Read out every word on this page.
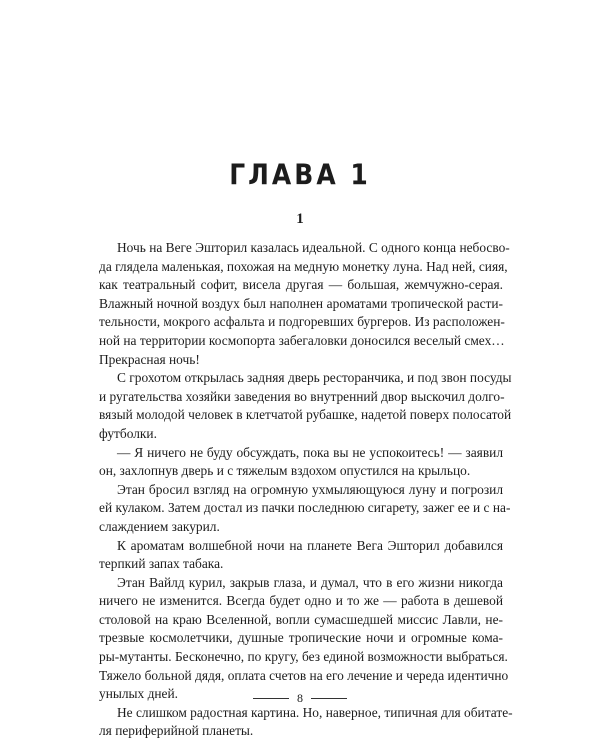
ГЛАВА 1
1
Ночь на Веге Эшторил казалась идеальной. С одного конца небосво-
да глядела маленькая, похожая на медную монетку луна. Над ней, сияя,
как театральный софит, висела другая — большая, жемчужно-серая.
Влажный ночной воздух был наполнен ароматами тропической расти-
тельности, мокрого асфальта и подгоревших бургеров. Из расположен-
ной на территории космопорта забегаловки доносился веселый смех…
Прекрасная ночь!
С грохотом открылась задняя дверь ресторанчика, и под звон посуды
и ругательства хозяйки заведения во внутренний двор выскочил долго-
вязый молодой человек в клетчатой рубашке, надетой поверх полосатой
футболки.
— Я ничего не буду обсуждать, пока вы не успокоитесь! — заявил
он, захлопнув дверь и с тяжелым вздохом опустился на крыльцо.
Этан бросил взгляд на огромную ухмыляющуюся луну и погрозил
ей кулаком. Затем достал из пачки последнюю сигарету, зажег ее и с на-
слаждением закурил.
К ароматам волшебной ночи на планете Вега Эшторил добавился
терпкий запах табака.
Этан Вайлд курил, закрыв глаза, и думал, что в его жизни никогда
ничего не изменится. Всегда будет одно и то же — работа в дешевой
столовой на краю Вселенной, вопли сумасшедшей миссис Лавли, не-
трезвые космолетчики, душные тропические ночи и огромные кома-
ры-мутанты. Бесконечно, по кругу, без единой возможности выбраться.
Тяжело больной дядя, оплата счетов на его лечение и череда идентично
унылых дней.
Не слишком радостная картина. Но, наверное, типичная для обитате-
ля периферийной планеты.
8
